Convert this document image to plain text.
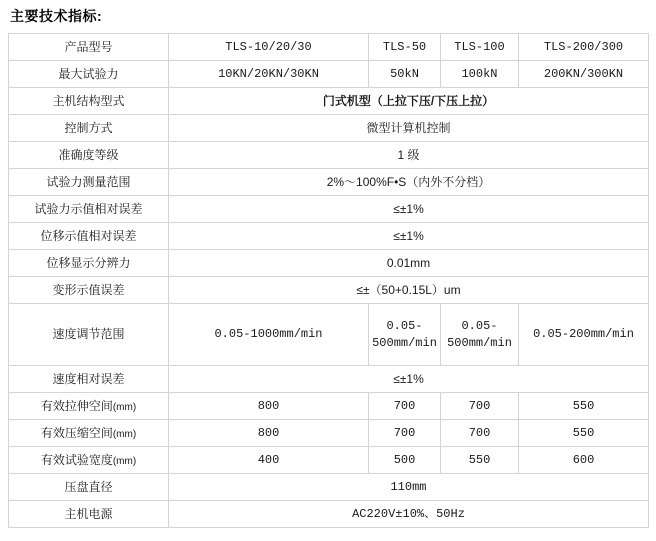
主要技术指标:
产品型号	TLS-10/20/30	TLS-50	TLS-100	TLS-200/300
最大试验力	10KN/20KN/30KN	50kN	100kN	200KN/300KN
主机结构型式	门式机型（上拉下压/下压上拉）			
控制方式	微型计算机控制			
准确度等级	1 级			
试验力测量范围	2%～100%F•S（内外不分档）			
试验力示值相对误差	≤±1%			
位移示值相对误差	≤±1%			
位移显示分辨力	0.01mm			
变形示值误差	≤±（50+0.15L）um			
速度调节范围	0.05-1000mm/min	0.05-500mm/min	0.05-500mm/min	0.05-200mm/min
速度相对误差	≤±1%			
有效拉伸空间(mm)	800	700	700	550
有效压缩空间(mm)	800	700	700	550
有效试验宽度(mm)	400	500	550	600
压盘直径	110mm			
主机电源	AC220V±10%、50Hz			
